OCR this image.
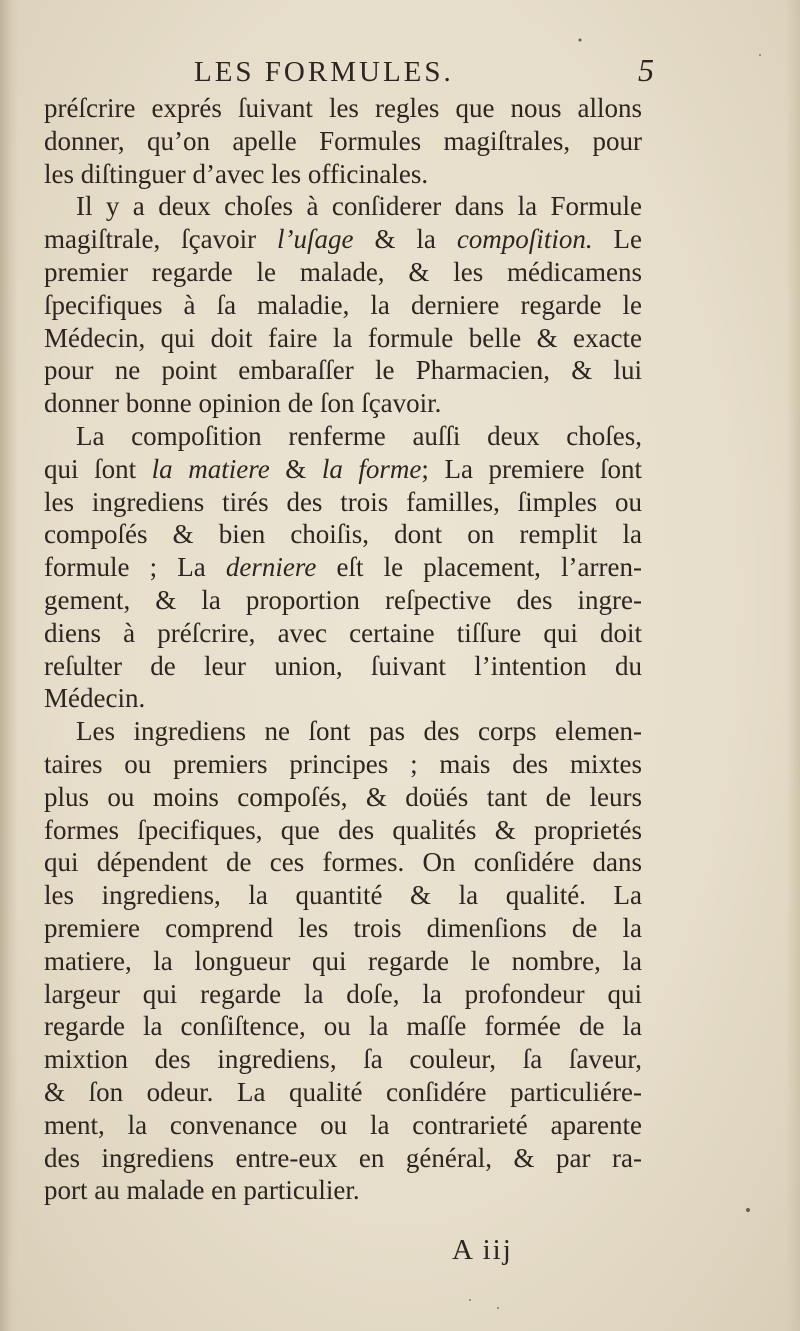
LES FORMULES.	5
préſcrire exprés ſuivant les regles que nous allons
donner, qu’on apelle Formules magiſtrales, pour
les diſtinguer d’avec les officinales.
Il y a deux choſes à conſiderer dans la Formule
magiſtrale, ſçavoir l’uſage & la compoſition. Le
premier regarde le malade, & les médicamens
ſpecifiques à ſa maladie, la derniere regarde le
Médecin, qui doit faire la formule belle & exacte
pour ne point embaraſſer le Pharmacien, & lui
donner bonne opinion de ſon ſçavoir.
La compoſition renferme auſſi deux choſes,
qui ſont la matiere & la forme; La premiere ſont
les ingrediens tirés des trois familles, ſimples ou
compoſés & bien choiſis, dont on remplit la
formule ; La derniere eſt le placement, l’arren-
gement, & la proportion reſpective des ingre-
diens à préſcrire, avec certaine tiſſure qui doit
reſulter de leur union, ſuivant l’intention du
Médecin.
Les ingrediens ne ſont pas des corps elemen-
taires ou premiers principes ; mais des mixtes
plus ou moins compoſés, & doüés tant de leurs
formes ſpecifiques, que des qualités & proprietés
qui dépendent de ces formes. On conſidére dans
les ingrediens, la quantité & la qualité. La
premiere comprend les trois dimenſions de la
matiere, la longueur qui regarde le nombre, la
largeur qui regarde la doſe, la profondeur qui
regarde la conſiſtence, ou la maſſe formée de la
mixtion des ingrediens, ſa couleur, ſa ſaveur,
& ſon odeur. La qualité conſidére particuliére-
ment, la convenance ou la contrarieté aparente
des ingrediens entre-eux en général, & par ra-
port au malade en particulier.
A iij
